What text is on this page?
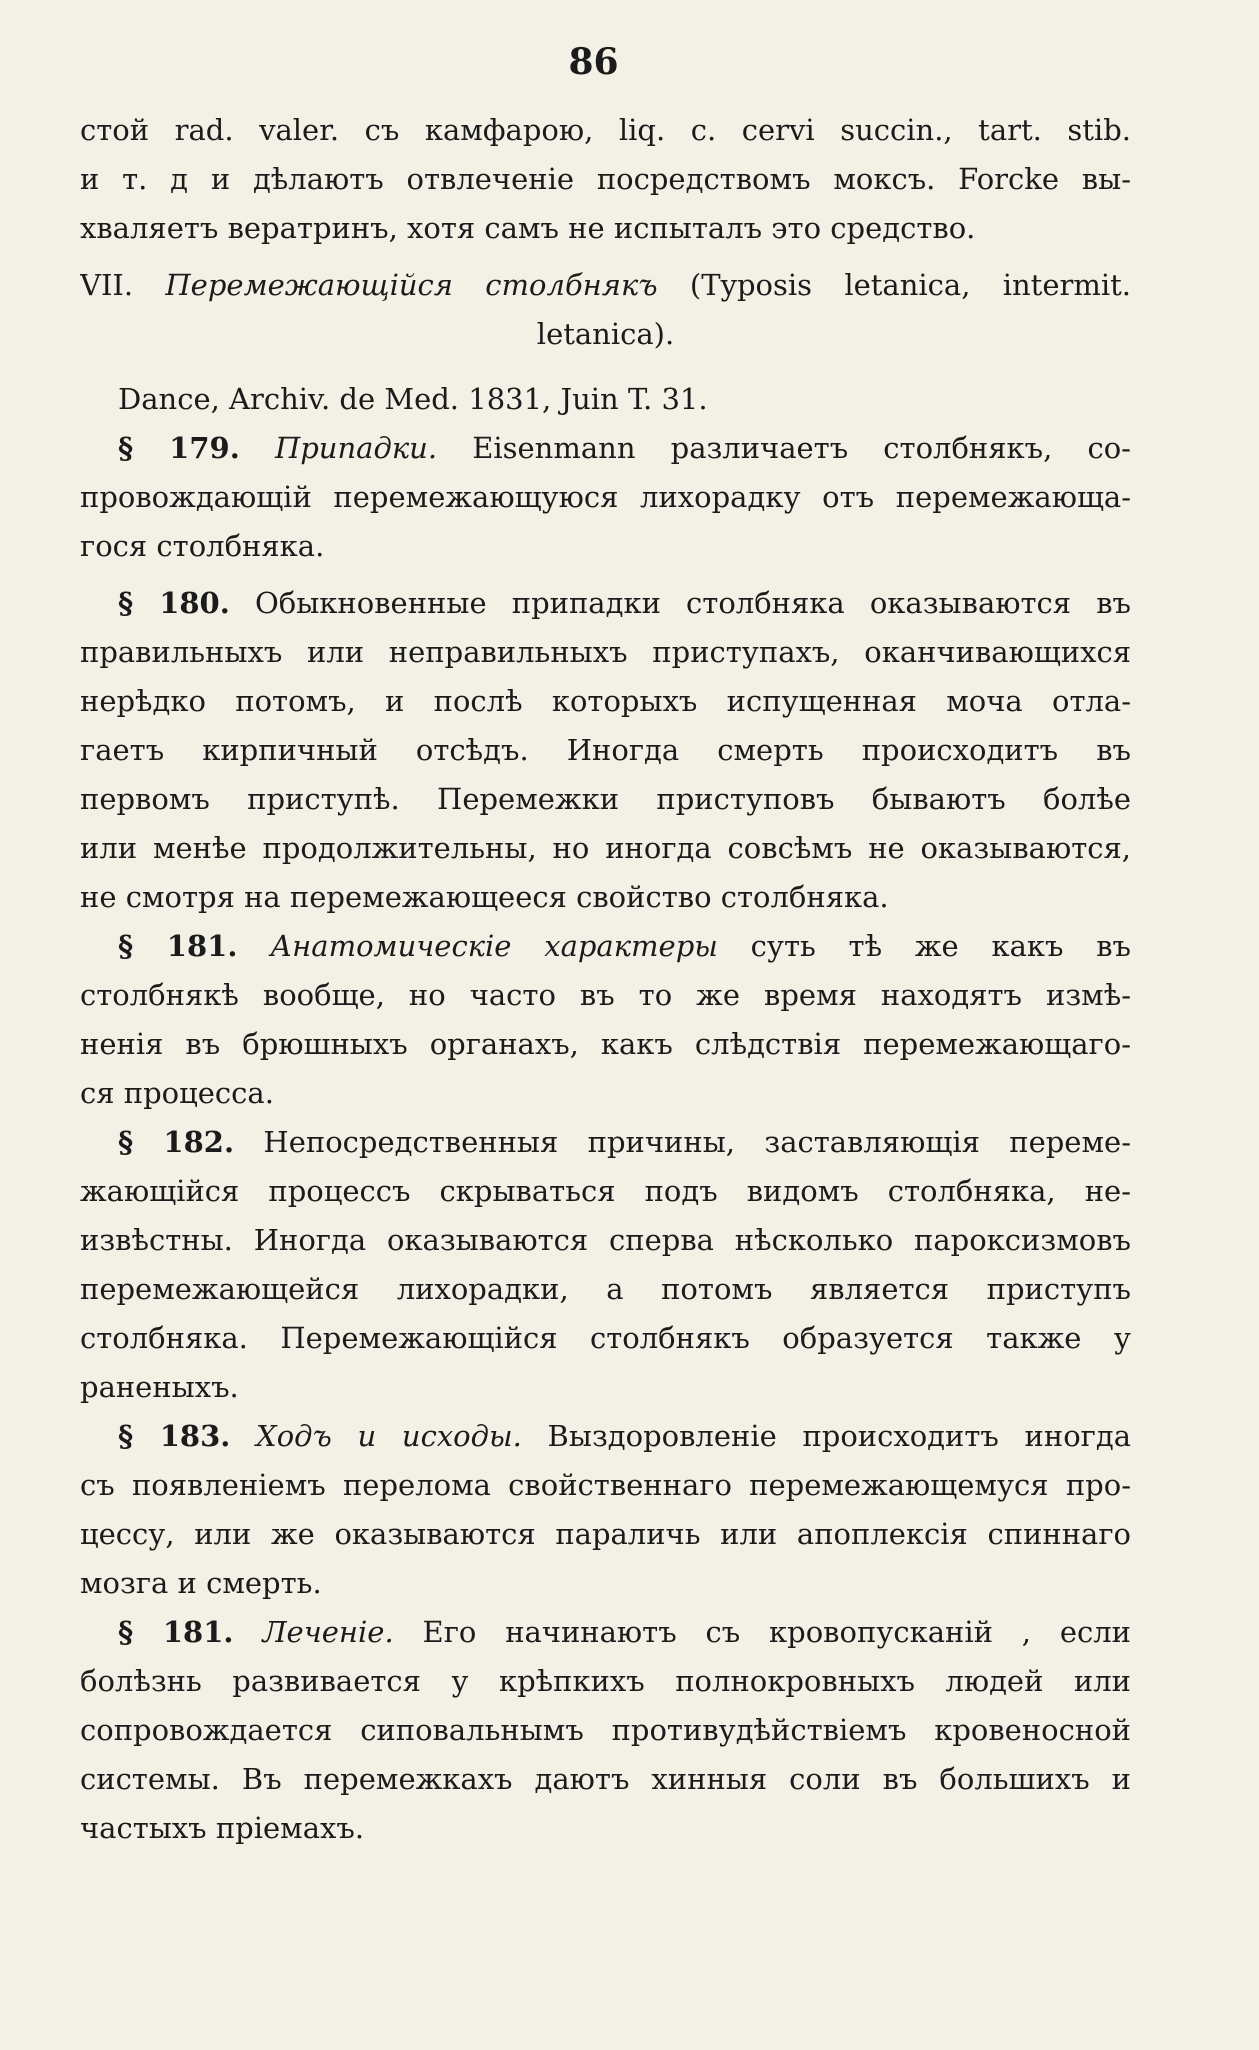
86
стой rad. valer. съ камфарою, liq. c. cervi succin., tart. stib.
и т. д и дѣлаютъ отвлеченіе посредствомъ моксъ. Forcke вы-
хваляетъ вератринъ, хотя самъ не испыталъ это средство.
VII. Перемежающійся столбнякъ (Typosis letanica, intermit.
letanica).
Dance, Archiv. de Med. 1831, Juin T. 31.
§ 179. Припадки. Eisenmann различаетъ столбнякъ, со-
провождающій перемежающуюся лихорадку отъ перемежающа-
гося столбняка.
§ 180. Обыкновенные припадки столбняка оказываются въ
правильныхъ или неправильныхъ приступахъ, оканчивающихся
нерѣдко потомъ, и послѣ которыхъ испущенная моча отла-
гаетъ кирпичный отсѣдъ. Иногда смерть происходитъ въ
первомъ приступѣ. Перемежки приступовъ бываютъ болѣе
или менѣе продолжительны, но иногда совсѣмъ не оказываются,
не смотря на перемежающееся свойство столбняка.
§ 181. Анатомическіе характеры суть тѣ же какъ въ
столбнякѣ вообще, но часто въ то же время находятъ измѣ-
ненія въ брюшныхъ органахъ, какъ слѣдствія перемежающаго-
ся процесса.
§ 182. Непосредственныя причины, заставляющія переме-
жающійся процессъ скрываться подъ видомъ столбняка, не-
извѣстны. Иногда оказываются сперва нѣсколько пароксизмовъ
перемежающейся лихорадки, а потомъ является приступъ
столбняка. Перемежающійся столбнякъ образуется также у
раненыхъ.
§ 183. Ходъ и исходы. Выздоровленіе происходитъ иногда
съ появленіемъ перелома свойственнаго перемежающемуся про-
цессу, или же оказываются параличь или апоплексія спиннаго
мозга и смерть.
§ 181. Леченіе. Его начинаютъ съ кровопусканій , если
болѣзнь развивается у крѣпкихъ полнокровныхъ людей или
сопровождается сиповальнымъ противудѣйствіемъ кровеносной
системы. Въ перемежкахъ даютъ хинныя соли въ большихъ и
частыхъ пріемахъ.
